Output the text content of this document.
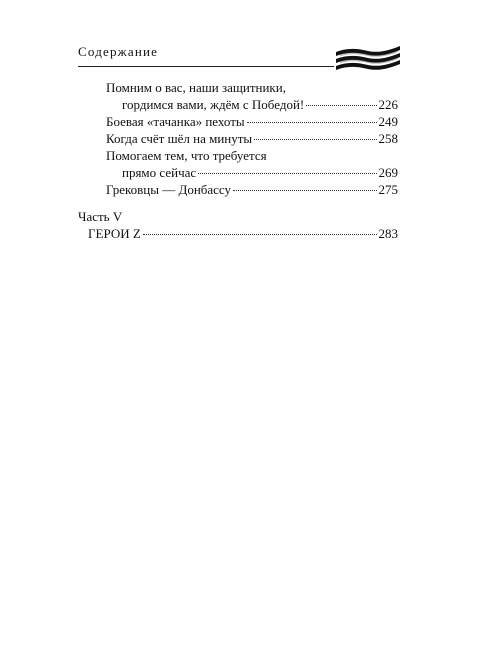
Содержание
Помним о вас, наши защитники,
гордимся вами, ждём с Победой!	226
Боевая «тачанка» пехоты	249
Когда счёт шёл на минуты	258
Помогаем тем, что требуется
прямо сейчас	269
Грековцы — Донбассу	275
Часть V
ГЕРОИ Z	283
